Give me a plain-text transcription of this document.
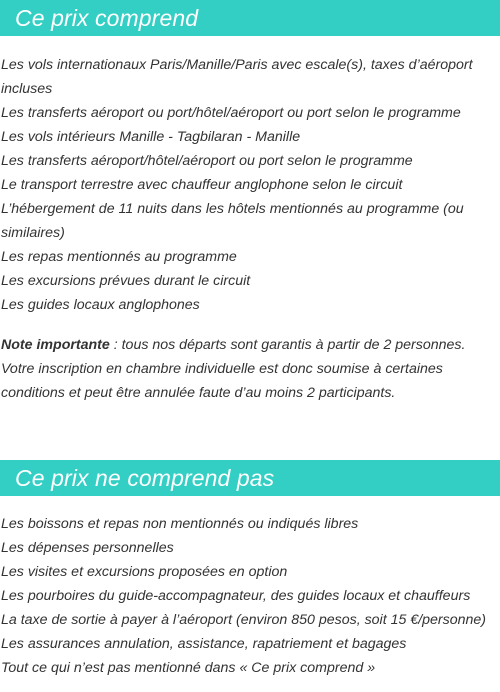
Ce prix comprend
Les vols internationaux Paris/Manille/Paris avec escale(s), taxes d’aéroport incluses
Les transferts aéroport ou port/hôtel/aéroport ou port selon le programme
Les vols intérieurs Manille - Tagbilaran - Manille
Les transferts aéroport/hôtel/aéroport ou port selon le programme
Le transport terrestre avec chauffeur anglophone selon le circuit
L’hébergement de 11 nuits dans les hôtels mentionnés au programme (ou similaires)
Les repas mentionnés au programme
Les excursions prévues durant le circuit
Les guides locaux anglophones

Note importante : tous nos départs sont garantis à partir de 2 personnes. Votre inscription en chambre individuelle est donc soumise à certaines conditions et peut être annulée faute d’au moins 2 participants.

Ce prix ne comprend pas
Les boissons et repas non mentionnés ou indiqués libres
Les dépenses personnelles
Les visites et excursions proposées en option
Les pourboires du guide-accompagnateur, des guides locaux et chauffeurs
La taxe de sortie à payer à l’aéroport (environ 850 pesos, soit 15 €/personne)
Les assurances annulation, assistance, rapatriement et bagages
Tout ce qui n’est pas mentionné dans « Ce prix comprend »
